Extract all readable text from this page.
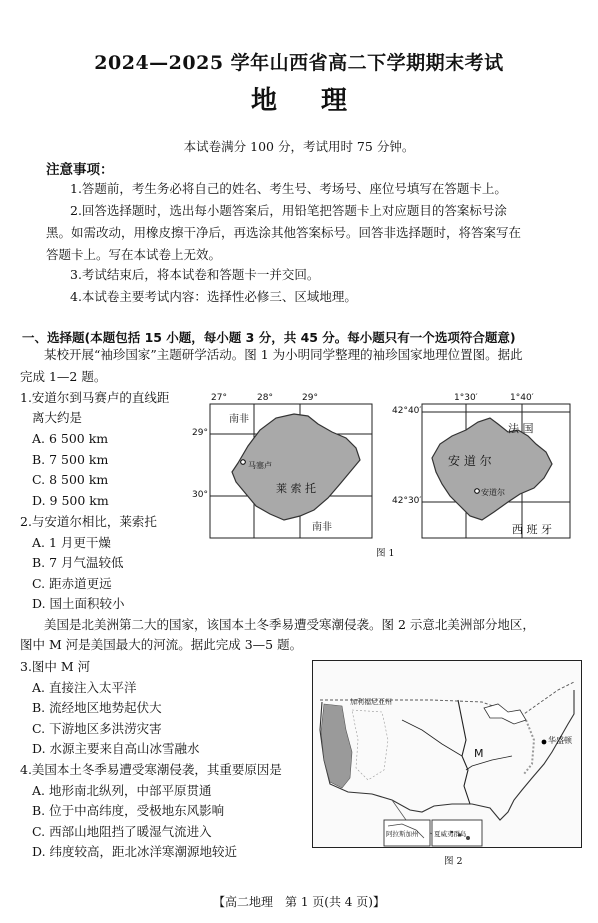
2024—2025 学年山西省高二下学期期末考试
地理
本试卷满分 100 分，考试用时 75 分钟。
注意事项：
1.答题前，考生务必将自己的姓名、考生号、考场号、座位号填写在答题卡上。
2.回答选择题时，选出每小题答案后，用铅笔把答题卡上对应题目的答案标号涂
黑。如需改动，用橡皮擦干净后，再选涂其他答案标号。回答非选择题时，将答案写在
答题卡上。写在本试卷上无效。
3.考试结束后，将本试卷和答题卡一并交回。
4.本试卷主要考试内容：选择性必修三、区域地理。
一、选择题(本题包括 15 小题，每小题 3 分，共 45 分。每小题只有一个选项符合题意)
某校开展“袖珍国家”主题研学活动。图 1 为小明同学整理的袖珍国家地理位置图。据此
完成 1—2 题。
1.安道尔到马赛卢的直线距
离大约是
A. 6 500 km
B. 7 500 km
C. 8 500 km
D. 9 500 km
2.与安道尔相比，莱索托
A. 1 月更干燥
B. 7 月气温较低
C. 距赤道更远
D. 国土面积较小
27°	28°	29°
29°
30°
南非
马塞卢
莱 索 托
南非
1°30′	1°40′
42°40′
42°30′
法 国
安 道 尔
安道尔
西 班 牙
图 1
美国是北美洲第二大的国家，该国本土冬季易遭受寒潮侵袭。图 2 示意北美洲部分地区，
图中 M 河是美国最大的河流。据此完成 3—5 题。
3.图中 M 河
A. 直接注入太平洋
B. 流经地区地势起伏大
C. 下游地区多洪涝灾害
D. 水源主要来自高山冰雪融水
4.美国本土冬季易遭受寒潮侵袭，其重要原因是
A. 地形南北纵列，中部平原贯通
B. 位于中高纬度，受极地东风影响
C. 西部山地阻挡了暖湿气流进入
D. 纬度较高，距北冰洋寒潮源地较近
M
华盛顿
加利福尼亚州
阿拉斯加州 夏威夷群岛
图 2
【高二地理　第 1 页(共 4 页)】
